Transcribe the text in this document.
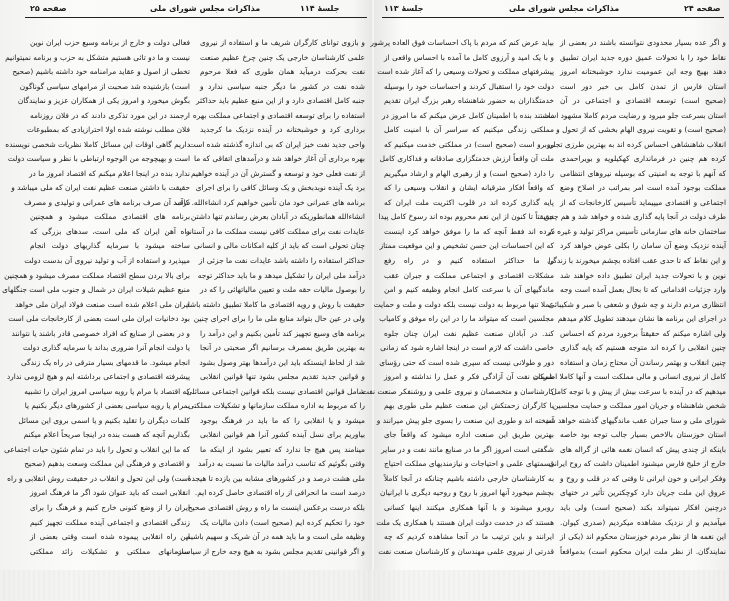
صفحه ۲۵	مذاکرات مجلس شورای ملی	جلسهٔ ۱۱۴
فعالی دولت و خارج از برنامه وسیع حزب ایران نوین
نیست و ما دو تائی هستیم متشکل به حزب و برنامه نمیتوانیم
تخطی از اصول و عقاید مرامنامه خود داشته باشیم (صحیح
است) بازشنیده شد صحبت از مرامهای سیاسی گوناگون
بگوش میخورد و امروز یکی از همکاران عزیز و نمایندگان
ارجمند در این مورد تذکری دادند که در فلان روزنامه
فلان مطلب نوشته شده اولا احترازیادی که بمطبوعات
داریم گاهی اوقات این مسائل کاملا نظریات شخصی نویسنده
است و بهیچوجه من الوجوه ارتباطی با نظر و سیاست دولت
ندارد بنده در اینجا اعلام میکنم که اقتصاد امروز ما در
حقیقت با داشتن صنعت عظیم نفت ایران که ملی میباشد و
درآمد آن صرف برنامه های عمرانی و تولیدی و مصرف
برنامه های اقتصادی مملکت میشود و همچنین
راه آهن ایران که ملی است، سدهای بزرگی که
ساخته میشود با سرمایه گذاریهای دولت انجام
میپذیرد و استفاده از آب و تولید نیروی آن بدست دولت
برای بالا بردن سطح اقتصاد مملکت مصرف میشود و همچنین
منبع عظیم شیلات ایران در شمال و جنوب ملی است جنگلهای
ایران ملی اعلام شده است صنعت فولاد ایران ملی خواهد
بود دخانیات ایران ملی است بعضی از کارخانجات ملی است
و در بعضی از صنایع که افراد خصوصی قادر باشند یا نتوانند
یا دولت انجام آنرا ضروری بداند با سرمایه گذاری دولت
انجام میشود. ما قدمهای بسیار مترقی در راه یک زندگی
پیشرفته اقتصادی و اجتماعی برداشته ایم و هیچ لزومی ندارد
که اقتصاد با مرام یا رویه سیاسی امروز ایران را تشبیه
بمرام یا رویه سیاسی بعضی از کشورهای دیگر بکنیم یا
کلمات دیگران را تقلید بکنیم و یا اسمی بروی این مسائل
بگذاریم آنچه که هست بنده در اینجا صریحاً اعلام میکنم
که ما این انقلاب و تحول را باید در تمام شئون حیات اجتماعی
و اقتصادی و فرهنگی این مملکت وسعت بدهیم (صحیح
است) ولی این تحول و انقلاب در حقیقت روش انقلابی و راه
انقلابی است که باید عنوان شود اگر ما فرهنگ امروز
ایران را از وضع کنونی خارج کنیم و فرهنگ را برای
زندگی اقتصادی و اجتماعی آینده مملکت تجهیز کنیم
این راه انقلابی پیموده شده است وقتی بعضی از
سازمانهای مملکتی و تشکیلات زائد مملکتی
و بازوی توانای کارگران شریف ما و استفاده از نیروی
علمی کارشناسان خارجی یک چنین چرخ عظیم صنعت
نفت بحرکت درمیآید همان طوری که فعلا مرحوم
شده نفت در کشور ما دیگر جنبه سیاسی ندارد و
جنبه کامل اقتصادی دارد و از این منبع عظیم باید حداکثر
استفاده را برای توسعه اقتصادی و اجتماعی مملکت بهره
برداری کرد و خوشبختانه در آینده نزدیک ما کرجدید
واحی جدید نفت خیز ایران که بی اندازه گذشته شده است
بهره برداری آن آغاز خواهد شد و درآمدهای اتفاقی که ما
از نفت فعلی خود و توسعه و گسترش آن در آینده خواهیم
برد یک آینده نوبدبخش و یک وسائل کافی را برای اجرای
برنامه های عمرانی خود مان تأمین خواهیم کرد انشاءالله. کاف.
انشاءالله همانطوریکه در آبادان بعرض رساندم تنها داشتن
عایدات نفت برای مملکت کافی نیست مملکت ما در آستانه
چنان تحولی است که باید از کلیه امکانات مالی و انسانی
حداکثر استفاده را داشته باشد عایدات نفت ما جزئی از
درآمد ملی ایران را تشکیل میدهد و ما باید حداکثر توجه
را بوصول مالیات حقه ملت و تعیین مالیاتهائی را که در
حقیقت با روش و رویه اقتصادی ما کاملا تطبیق داشته باشد
ولی در عین حال بتواند منابع ملی ما را برای اجرای چنین
برنامه های وسیع تجهیز کند تأمین بکنیم و این درآمد را
به بهترین طریق بمصرف برسانیم اگر صحبتی در آنجا
شد از لحاظ اینستکه باید این درآمدها بهتر وصول بشود
و قوانین جدید تقدیم مجلس بشود تنها قوانین انقلابی
شامل قوانین اقتصادی نیست بلکه قوانین اجتماعی مسائلی
را که مربوط به اداره مملکت سازمانها و تشکیلات مملکتی
میشود و یا انقلابی را که ما باید در فرهنگ بوجود
بیاوریم برای نسل آینده کشور آنرا هم قوانین انقلابی
مینامند پس هیچ جا ندارد که تعبیر بشود از اینکه ما
وقتی بگوئیم که تناسب درآمد مالیات ما نسبت به درآمد
ملی هشت درصد و در کشورهای مشابه بین یازده تا هیجده
درصد است ما انحرافی از راه اقتصادی حاصل کرده ایم.
بلکه درست برعکس اینست ما راه و روش اقتصادی صحیح
خود را تحکیم کرده ایم (صحیح است) دادن مالیات یک
وظیفه ملی است و ما باید همه در آن شریک و سهیم باشیم
و اگر قوانینی تقدیم مجلس بشود به هیچ وجه خارج از سیاست
جلسهٔ ۱۱۳	مذاکرات مجلس شورای ملی	صفحه ۲۴
بیاید عرض کنم که مردم با پاک احساسات فوق العاده پرشور
و با یک امید و آرزوی کامل ما آمده با احساس واقعی از
پیشرفتهای مملکت و تحولات وسیعی را که آغاز شده است
دولت خود را استقبال کردند و احساسات خود را بوسیله
خدمتگذاران به حضور شاهنشاه رهبر بزرگ ایران تقدیم
داشتند بنده با اطمینان کامل عرض میکنم که ما امروز در
مملکتی زندگی میکنیم که سراسر آن با امنیت کامل
روبرو است (صحیح است) در مملکتی خدمت میکنیم که
ملت آن واقعاً ارزش خدمتگزاری صادقانه و فداکاری کامل
را دارد (صحیح است) و از رهبری الهام و ارشاد میگیریم
که واقعاً افکار مترقیانه ایشان و انقلاب وسیعی را که
پایه گذاری کرده اند در قلوب اکثریت ملت ایران که
حقیقتاً تا کنون از این نعم محروم بوده اند رسوخ کامل پیدا
کرده اند فقط آنچه که ما را موفق خواهد کرد اینست
که این احساسات این حسن تشخیص و این موقعیت ممتاز
را ما حداکثر استفاده کنیم و در راه رفع
مشکلات اقتصادی و اجتماعی مملکت و جبران عقب
ماندگیهای آن با سرعت کامل انجام وظیفه کنیم و امن
عملا تنها مربوط به دولت نیست بلکه دولت و ملت و حمایت
مجلسین است که میتواند ما را در این راه موفق و کامیاب
کند. در آبادان صنعت عظیم نفت ایران چنان جلوه
خاصی داشت که لازم است در اینجا اشاره شود که زمانی
دور و طولانی نیست که سپری شده است که حتی رؤسای
شرکت نفت آن آزادگی فکر و عمل را نداشته و امروز
کارشناسان و متخصصان و نیروی علمی و روشنفکر صنعت نفت
با کارگران زحمتکش این صنعت عظیم ملی طوری بهم
آمیخته اند و طوری این صنعت را بسوی جلو پیش میرانند و
بهترین طریق این صنعت اداره میشود که واقعاً جای
شگفتی است امروز اگر ما در صنایع مانند نفت و در سایر
قسمتهای علمی و احتیاجات و نیازمندیهای مملکت احتیاج
به کارشناسان خارجی داشته باشیم چنانکه در آنجا کاملاً
بچشم میخورد آنها امروز با روح و روحیه دیگری با ایرانیان
روبرو میشوند و با آنها همکاری میکنند اینها کسانی
هستند که در خدمت دولت ایران هستند با همکاری یک ملت
ایرانند و باین ترتیب ما در آنجا مشاهده کردیم که چه
قدرتی از نیروی علمی مهندسان و کارشناسان صنعت نفت
و اگر عده بسیار محدودی نتوانسته باشند در بعضی از
نقاط خود را با تحولات عمیق دوره جدید ایران تطبیق
دهند بهیچ وجه این عمومیت ندارد خوشبختانه امروز
استان فارس از تمدن کامل بی خبر دور است
(صحیح است) توسعه اقتصادی و اجتماعی در آن
استان بسرعت جلو میرود و رضایت مردم کاملا مشهود است
(صحیح است) و تقویت نیروی الهام بخشی که از تحول و
انقلاب شاهنشاهی احساس کرده اند به بهترین طرزی تجلی
کرده هم چنین در فرمانداری کهکیلویه و بویراحمدی
که آنهم با توجه به امنیتی که بوسیله نیروهای انتظامی
مملکت بوجود آمده است امر بمراتب در اصلاح وضع
اجتماعی و اقتصادی میپیماید تأسیس کارخانجات که از
طرف دولت در آنجا پایه گذاری شده و خواهد شد و هم چنین
ساختمان خانه های سازمانی تأسیس مراکز تولید و غیره در
آینده نزدیک وضع آن سامان را بکلی عوض خواهد کرد
و این نقاط که تا حدی عقب افتاده بچشم میخورند با زندگی
نوین و با تحولات جدید ایران تطبیق داده خواهند شد
وارد جزئیات اقداماتی که تا بحال بعمل آمده است وجه
انتظاری مردم دارند و چه شوق و شعفی با صبر و شکیبائی
در اجرای این برنامه ها نشان میدهند تطویل کلام میدهم
ولی اشاره میکنم که حقیقتاً برخورد مردم که احساس
چنین انقلابی را کرده اند متوجه هستیم که پایه گذاری
چنین انقلاب و بهثمر رساندن آن محتاج زمان و استفاده
کامل از نیروی انسانی و مالی مملکت است و آنها کاملا اطمینان
میدهیم که در آینده با سرعت بیش از پیش و با توجه کامل
شخص شاهنشاه و جریان امور مملکت و حمایت مجلسین
شورای ملی و سنا جبران عقب ماندگیهای گذشته خواهد شد
استان خوزستان بالاخص بسیار جالب توجه بود خاصه
باینکه از چندی پیش که انسان نغمه هائی از گراله های
خارج از خلیج فارس میشنود اطمینان داشت که روح ایرانی
وفکر ایرانی و خون ایرانی تا وقتی که در قلب و روح و
عروق این ملت جریان دارد کوچکترین تأثیر در ختهای
درچنین افکار نمیتواند بکند (صحیح است) ولی باید
میآمدیم و از نزدیک مشاهده میکردیم (صدری کیوان.
این نغمه ها از نظر مردم خوزستان محکوم اند (یکی از
نمایندگان. از نظر ملت ایران محکوم است) بدمواقعاً
